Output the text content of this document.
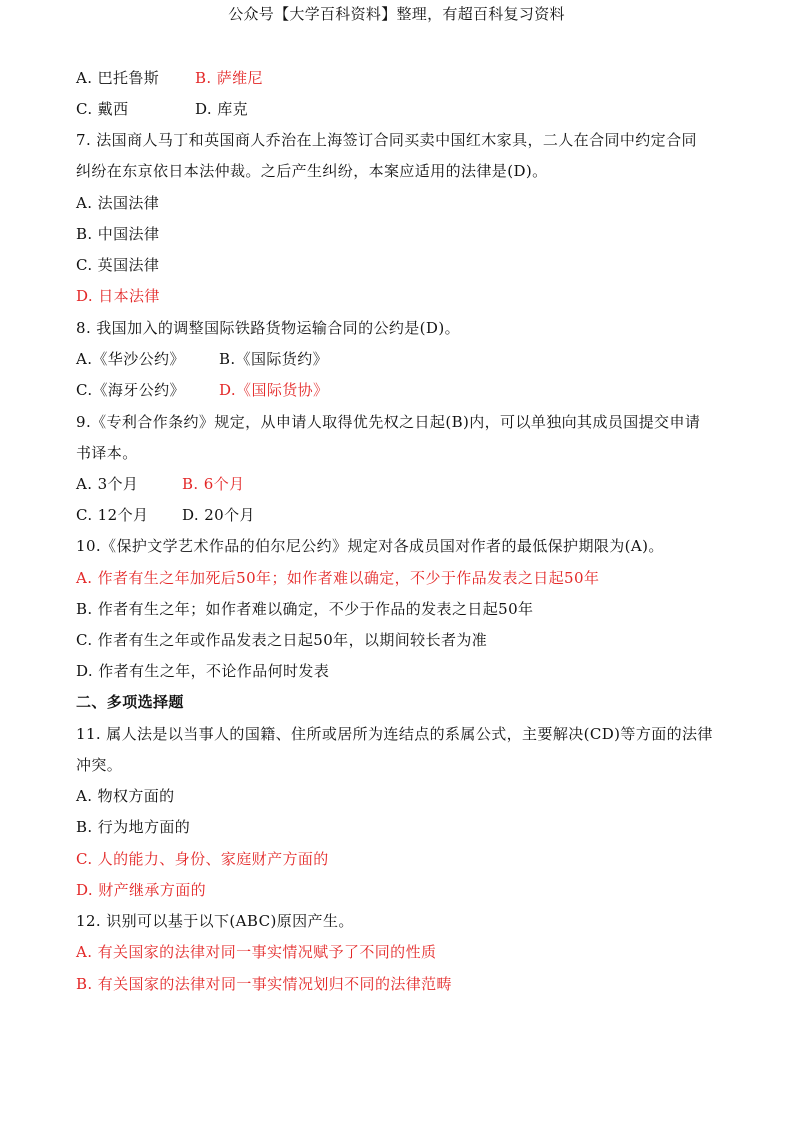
公众号【大学百科资料】整理，有超百科复习资料
A. 巴托鲁斯 B. 萨维尼
C. 戴西	D. 库克
7. 法国商人马丁和英国商人乔治在上海签订合同买卖中国红木家具，二人在合同中约定合同
纠纷在东京依日本法仲裁。之后产生纠纷，本案应适用的法律是(D)。
A. 法国法律
B. 中国法律
C. 英国法律
D. 日本法律
8. 我国加入的调整国际铁路货物运输合同的公约是(D)。
A.《华沙公约》 B.《国际货约》
C.《海牙公约》 D.《国际货协》
9.《专利合作条约》规定，从申请人取得优先权之日起(B)内，可以单独向其成员国提交申请
书译本。
A. 3个月	B. 6个月
C. 12个月 D. 20个月
10.《保护文学艺术作品的伯尔尼公约》规定对各成员国对作者的最低保护期限为(A)。
A. 作者有生之年加死后50年；如作者难以确定，不少于作品发表之日起50年
B. 作者有生之年；如作者难以确定，不少于作品的发表之日起50年
C. 作者有生之年或作品发表之日起50年，以期间较长者为准
D. 作者有生之年，不论作品何时发表
二、多项选择题
11. 属人法是以当事人的国籍、住所或居所为连结点的系属公式，主要解决(CD)等方面的法律
冲突。
A. 物权方面的
B. 行为地方面的
C. 人的能力、身份、家庭财产方面的
D. 财产继承方面的
12. 识别可以基于以下(ABC)原因产生。
A. 有关国家的法律对同一事实情况赋予了不同的性质
B. 有关国家的法律对同一事实情况划归不同的法律范畴
